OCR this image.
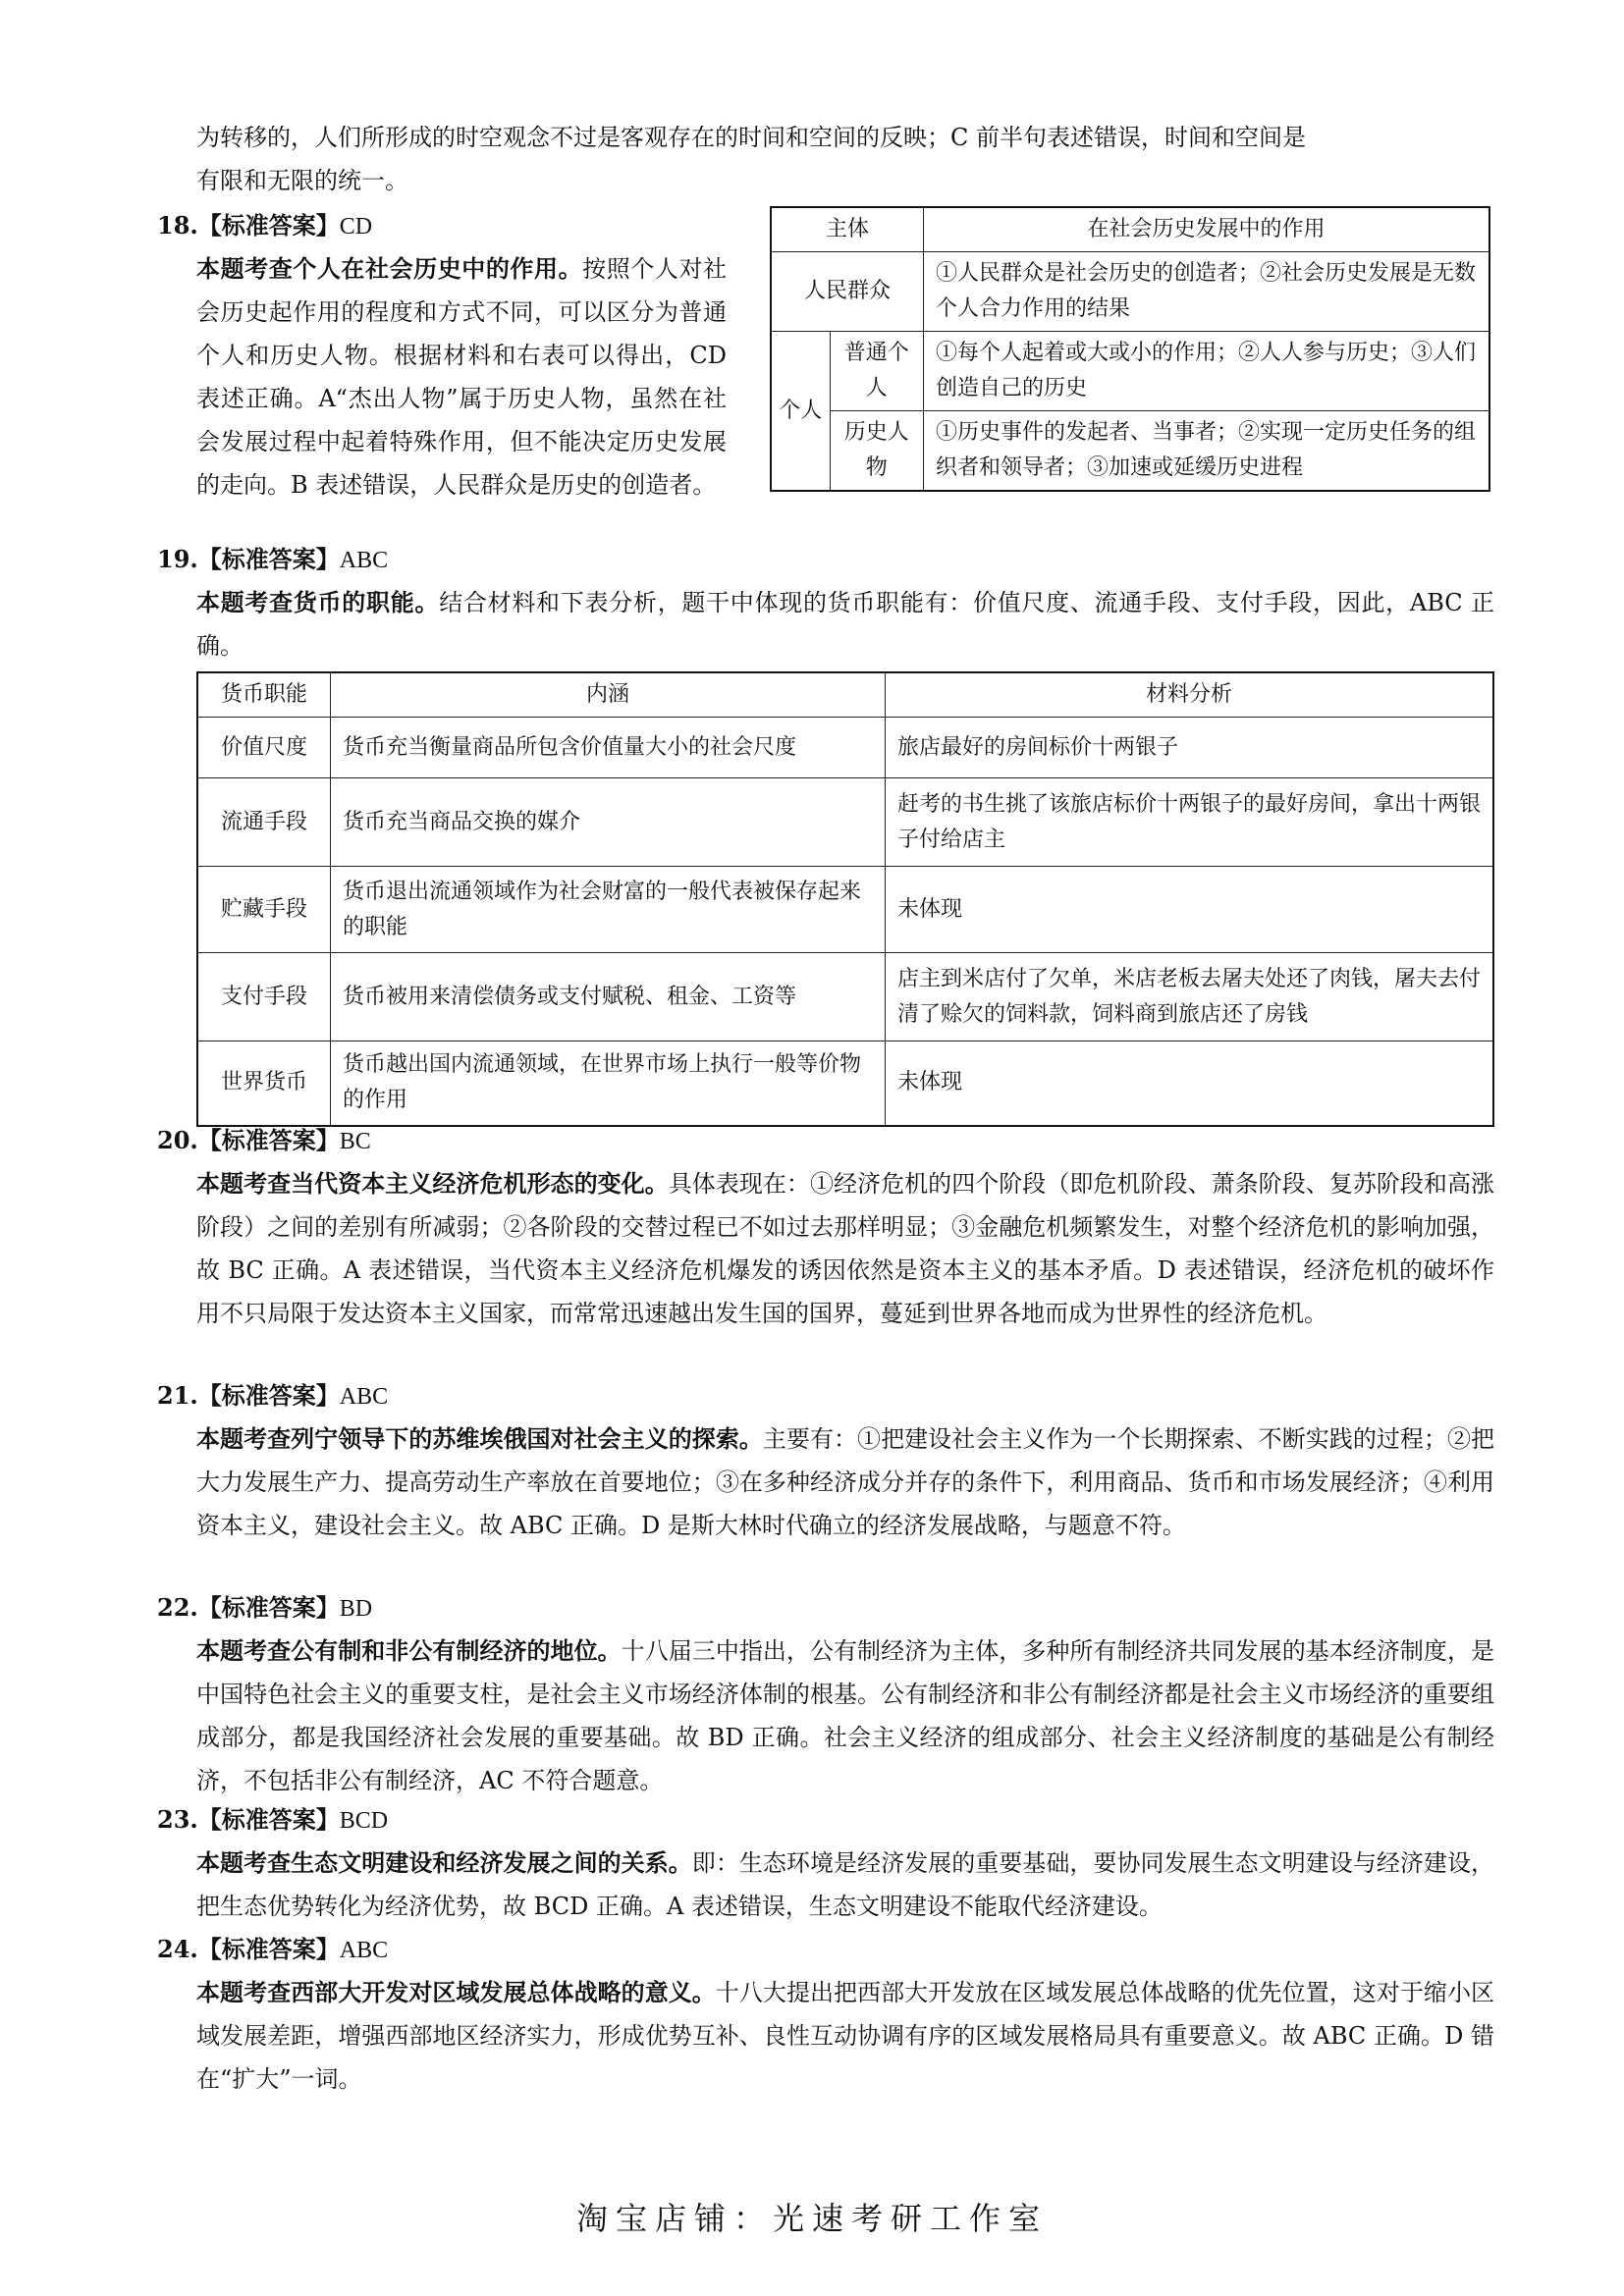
为转移的，人们所形成的时空观念不过是客观存在的时间和空间的反映；C 前半句表述错误，时间和空间是

有限和无限的统一。

18.【标准答案】CD

本题考查个人在社会历史中的作用。按照个人对社会历史起作用的程度和方式不同，可以区分为普通个人和历史人物。根据材料和右表可以得出，CD 表述正确。A“杰出人物”属于历史人物，虽然在社会发展过程中起着特殊作用，但不能决定历史发展的走向。B 表述错误，人民群众是历史的创造者。

主体		在社会历史发展中的作用
人民群众		①人民群众是社会历史的创造者；②社会历史发展是无数个人合力作用的结果
个人	普通个人	①每个人起着或大或小的作用；②人人参与历史；③人们创造自己的历史
	历史人物	①历史事件的发起者、当事者；②实现一定历史任务的组织者和领导者；③加速或延缓历史进程

19.【标准答案】ABC

本题考查货币的职能。结合材料和下表分析，题干中体现的货币职能有：价值尺度、流通手段、支付手段，因此，ABC 正确。

货币职能	内涵	材料分析
价值尺度	货币充当衡量商品所包含价值量大小的社会尺度	旅店最好的房间标价十两银子
流通手段	货币充当商品交换的媒介	赶考的书生挑了该旅店标价十两银子的最好房间，拿出十两银子付给店主
贮藏手段	货币退出流通领域作为社会财富的一般代表被保存起来的职能	未体现
支付手段	货币被用来清偿债务或支付赋税、租金、工资等	店主到米店付了欠单，米店老板去屠夫处还了肉钱，屠夫去付清了赊欠的饲料款，饲料商到旅店还了房钱
世界货币	货币越出国内流通领域，在世界市场上执行一般等价物的作用	未体现

20.【标准答案】BC

本题考查当代资本主义经济危机形态的变化。具体表现在：①经济危机的四个阶段（即危机阶段、萧条阶段、复苏阶段和高涨阶段）之间的差别有所减弱；②各阶段的交替过程已不如过去那样明显；③金融危机频繁发生，对整个经济危机的影响加强，故 BC 正确。A 表述错误，当代资本主义经济危机爆发的诱因依然是资本主义的基本矛盾。D 表述错误，经济危机的破坏作用不只局限于发达资本主义国家，而常常迅速越出发生国的国界，蔓延到世界各地而成为世界性的经济危机。

21.【标准答案】ABC

本题考查列宁领导下的苏维埃俄国对社会主义的探索。主要有：①把建设社会主义作为一个长期探索、不断实践的过程；②把大力发展生产力、提高劳动生产率放在首要地位；③在多种经济成分并存的条件下，利用商品、货币和市场发展经济；④利用资本主义，建设社会主义。故 ABC 正确。D 是斯大林时代确立的经济发展战略，与题意不符。

22.【标准答案】BD

本题考查公有制和非公有制经济的地位。十八届三中指出，公有制经济为主体，多种所有制经济共同发展的基本经济制度，是中国特色社会主义的重要支柱，是社会主义市场经济体制的根基。公有制经济和非公有制经济都是社会主义市场经济的重要组成部分，都是我国经济社会发展的重要基础。故 BD 正确。社会主义经济的组成部分、社会主义经济制度的基础是公有制经济，不包括非公有制经济，AC 不符合题意。

23.【标准答案】BCD

本题考查生态文明建设和经济发展之间的关系。即：生态环境是经济发展的重要基础，要协同发展生态文明建设与经济建设，把生态优势转化为经济优势，故 BCD 正确。A 表述错误，生态文明建设不能取代经济建设。

24.【标准答案】ABC

本题考查西部大开发对区域发展总体战略的意义。十八大提出把西部大开发放在区域发展总体战略的优先位置，这对于缩小区域发展差距，增强西部地区经济实力，形成优势互补、良性互动协调有序的区域发展格局具有重要意义。故 ABC 正确。D 错在“扩大”一词。

淘宝店铺：光速考研工作室
